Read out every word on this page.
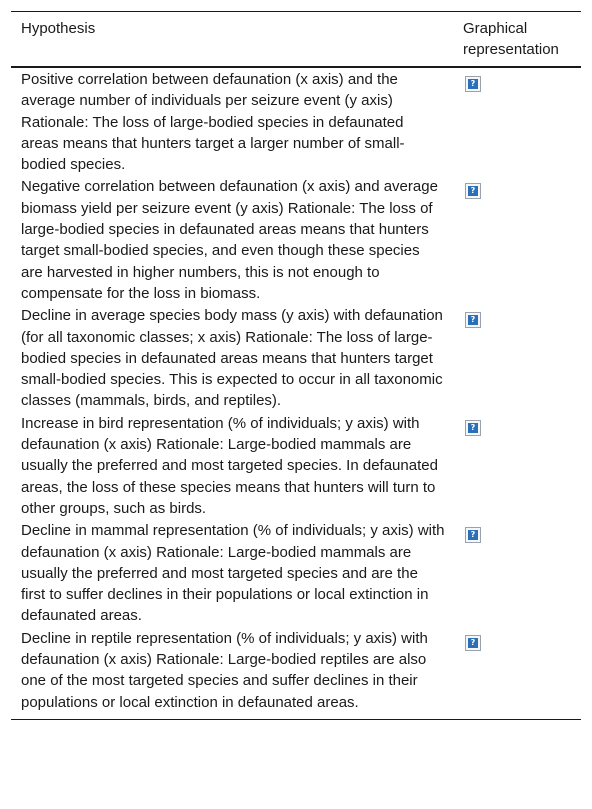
Hypothesis	Graphical representation
Positive correlation between defaunation (x axis) and the average number of individuals per seizure event (y axis) Rationale: The loss of large-bodied species in defaunated areas means that hunters target a larger number of small-bodied species.	?

Negative correlation between defaunation (x axis) and average biomass yield per seizure event (y axis) Rationale: The loss of large-bodied species in defaunated areas means that hunters target small-bodied species, and even though these species are harvested in higher numbers, this is not enough to compensate for the loss in biomass.	?

Decline in average species body mass (y axis) with defaunation (for all taxonomic classes; x axis) Rationale: The loss of large-bodied species in defaunated areas means that hunters target small-bodied species. This is expected to occur in all taxonomic classes (mammals, birds, and reptiles).	?

Increase in bird representation (% of individuals; y axis) with defaunation (x axis) Rationale: Large-bodied mammals are usually the preferred and most targeted species. In defaunated areas, the loss of these species means that hunters will turn to other groups, such as birds.	?

Decline in mammal representation (% of individuals; y axis) with defaunation (x axis) Rationale: Large-bodied mammals are usually the preferred and most targeted species and are the first to suffer declines in their populations or local extinction in defaunated areas.	?

Decline in reptile representation (% of individuals; y axis) with defaunation (x axis) Rationale: Large-bodied reptiles are also one of the most targeted species and suffer declines in their populations or local extinction in defaunated areas.	?
